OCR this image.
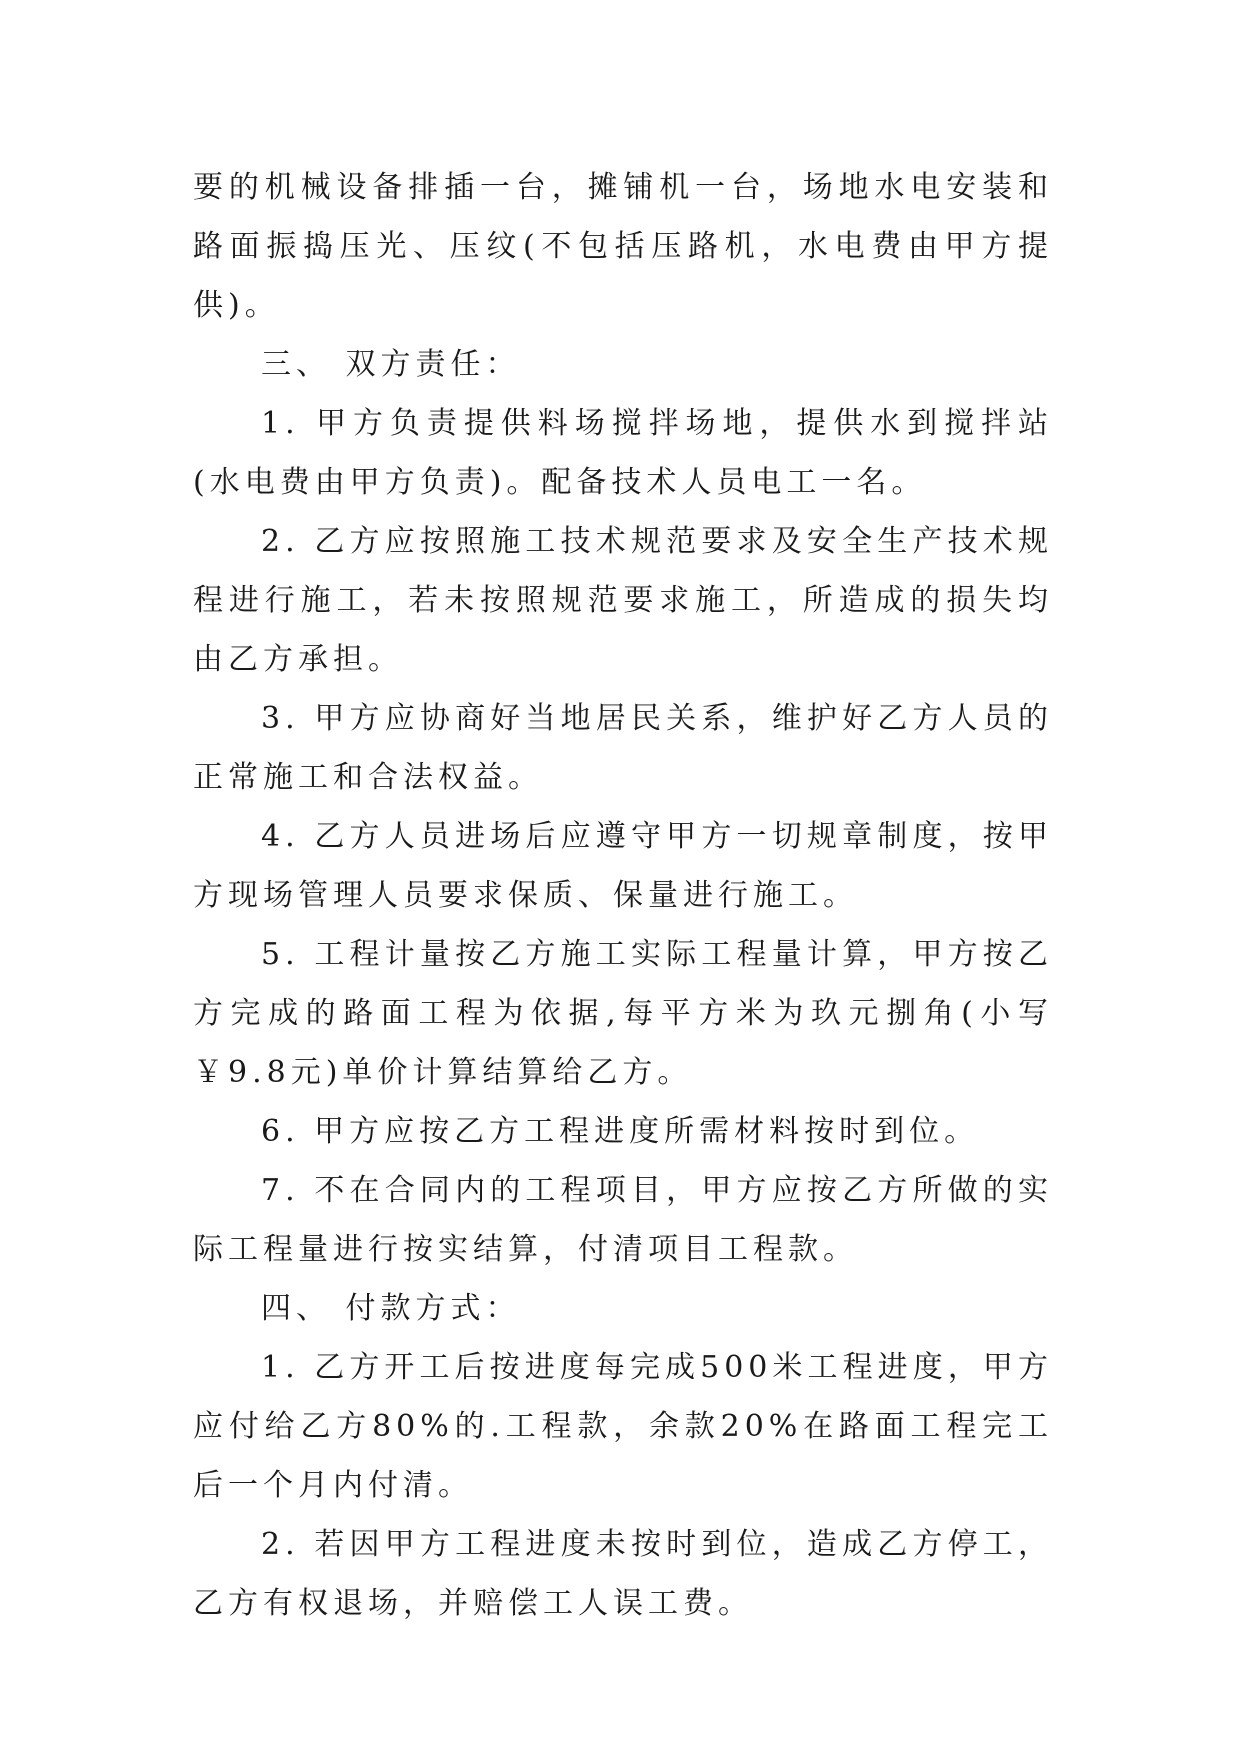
要的机械设备排插一台，摊铺机一台，场地水电安装和路面振捣压光、压纹(不包括压路机，水电费由甲方提供)。

三、 双方责任：

1. 甲方负责提供料场搅拌场地，提供水到搅拌站(水电费由甲方负责)。配备技术人员电工一名。

2. 乙方应按照施工技术规范要求及安全生产技术规程进行施工，若未按照规范要求施工，所造成的损失均由乙方承担。

3. 甲方应协商好当地居民关系，维护好乙方人员的正常施工和合法权益。

4. 乙方人员进场后应遵守甲方一切规章制度，按甲方现场管理人员要求保质、保量进行施工。

5. 工程计量按乙方施工实际工程量计算，甲方按乙方完成的路面工程为依据,每平方米为玖元捌角(小写￥9.8元)单价计算结算给乙方。

6. 甲方应按乙方工程进度所需材料按时到位。

7. 不在合同内的工程项目，甲方应按乙方所做的实际工程量进行按实结算，付清项目工程款。

四、 付款方式：

1. 乙方开工后按进度每完成500米工程进度，甲方应付给乙方80%的.工程款，余款20%在路面工程完工后一个月内付清。

2. 若因甲方工程进度未按时到位，造成乙方停工，乙方有权退场，并赔偿工人误工费。
